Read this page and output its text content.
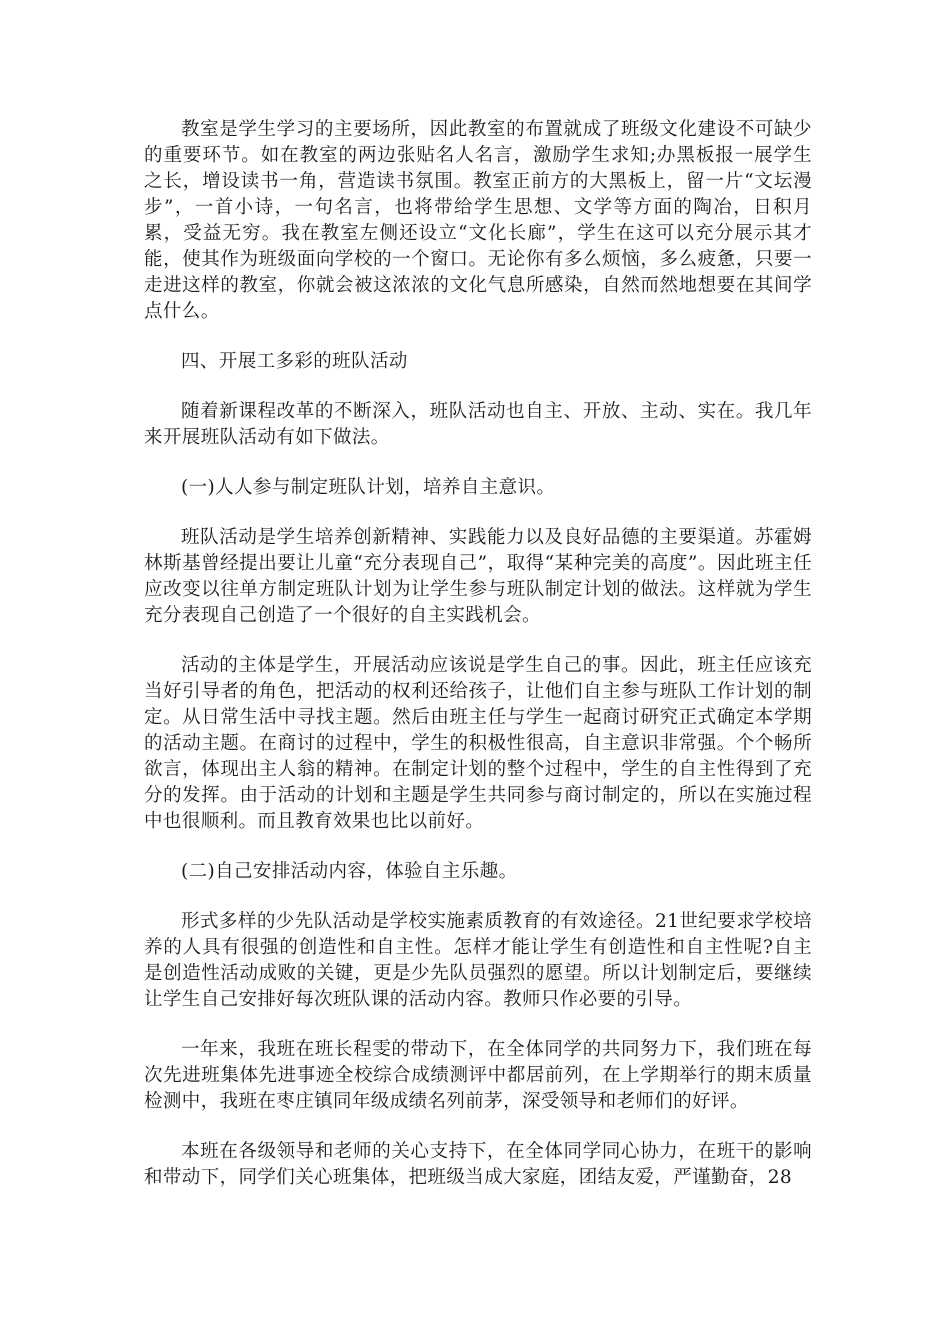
教室是学生学习的主要场所，因此教室的布置就成了班级文化建设不可缺少的重要环节。如在教室的两边张贴名人名言，激励学生求知;办黑板报一展学生之长，增设读书一角，营造读书氛围。教室正前方的大黑板上，留一片“文坛漫步”，一首小诗，一句名言，也将带给学生思想、文学等方面的陶冶，日积月累，受益无穷。我在教室左侧还设立“文化长廊”，学生在这可以充分展示其才能，使其作为班级面向学校的一个窗口。无论你有多么烦恼，多么疲惫，只要一走进这样的教室，你就会被这浓浓的文化气息所感染，自然而然地想要在其间学点什么。

四、开展工多彩的班队活动

随着新课程改革的不断深入，班队活动也自主、开放、主动、实在。我几年来开展班队活动有如下做法。

(一)人人参与制定班队计划，培养自主意识。

班队活动是学生培养创新精神、实践能力以及良好品德的主要渠道。苏霍姆林斯基曾经提出要让儿童“充分表现自己”，取得“某种完美的高度”。因此班主任应改变以往单方制定班队计划为让学生参与班队制定计划的做法。这样就为学生充分表现自己创造了一个很好的自主实践机会。

活动的主体是学生，开展活动应该说是学生自己的事。因此，班主任应该充当好引导者的角色，把活动的权利还给孩子，让他们自主参与班队工作计划的制定。从日常生活中寻找主题。然后由班主任与学生一起商讨研究正式确定本学期的活动主题。在商讨的过程中，学生的积极性很高，自主意识非常强。个个畅所欲言，体现出主人翁的精神。在制定计划的整个过程中，学生的自主性得到了充分的发挥。由于活动的计划和主题是学生共同参与商讨制定的，所以在实施过程中也很顺利。而且教育效果也比以前好。

(二)自己安排活动内容，体验自主乐趣。

形式多样的少先队活动是学校实施素质教育的有效途径。21世纪要求学校培养的人具有很强的创造性和自主性。怎样才能让学生有创造性和自主性呢?自主是创造性活动成败的关键，更是少先队员强烈的愿望。所以计划制定后，要继续让学生自己安排好每次班队课的活动内容。教师只作必要的引导。

一年来，我班在班长程雯的带动下，在全体同学的共同努力下，我们班在每次先进班集体先进事迹全校综合成绩测评中都居前列，在上学期举行的期末质量检测中，我班在枣庄镇同年级成绩名列前茅，深受领导和老师们的好评。

本班在各级领导和老师的关心支持下，在全体同学同心协力，在班干的影响和带动下，同学们关心班集体，把班级当成大家庭，团结友爱，严谨勤奋，28
